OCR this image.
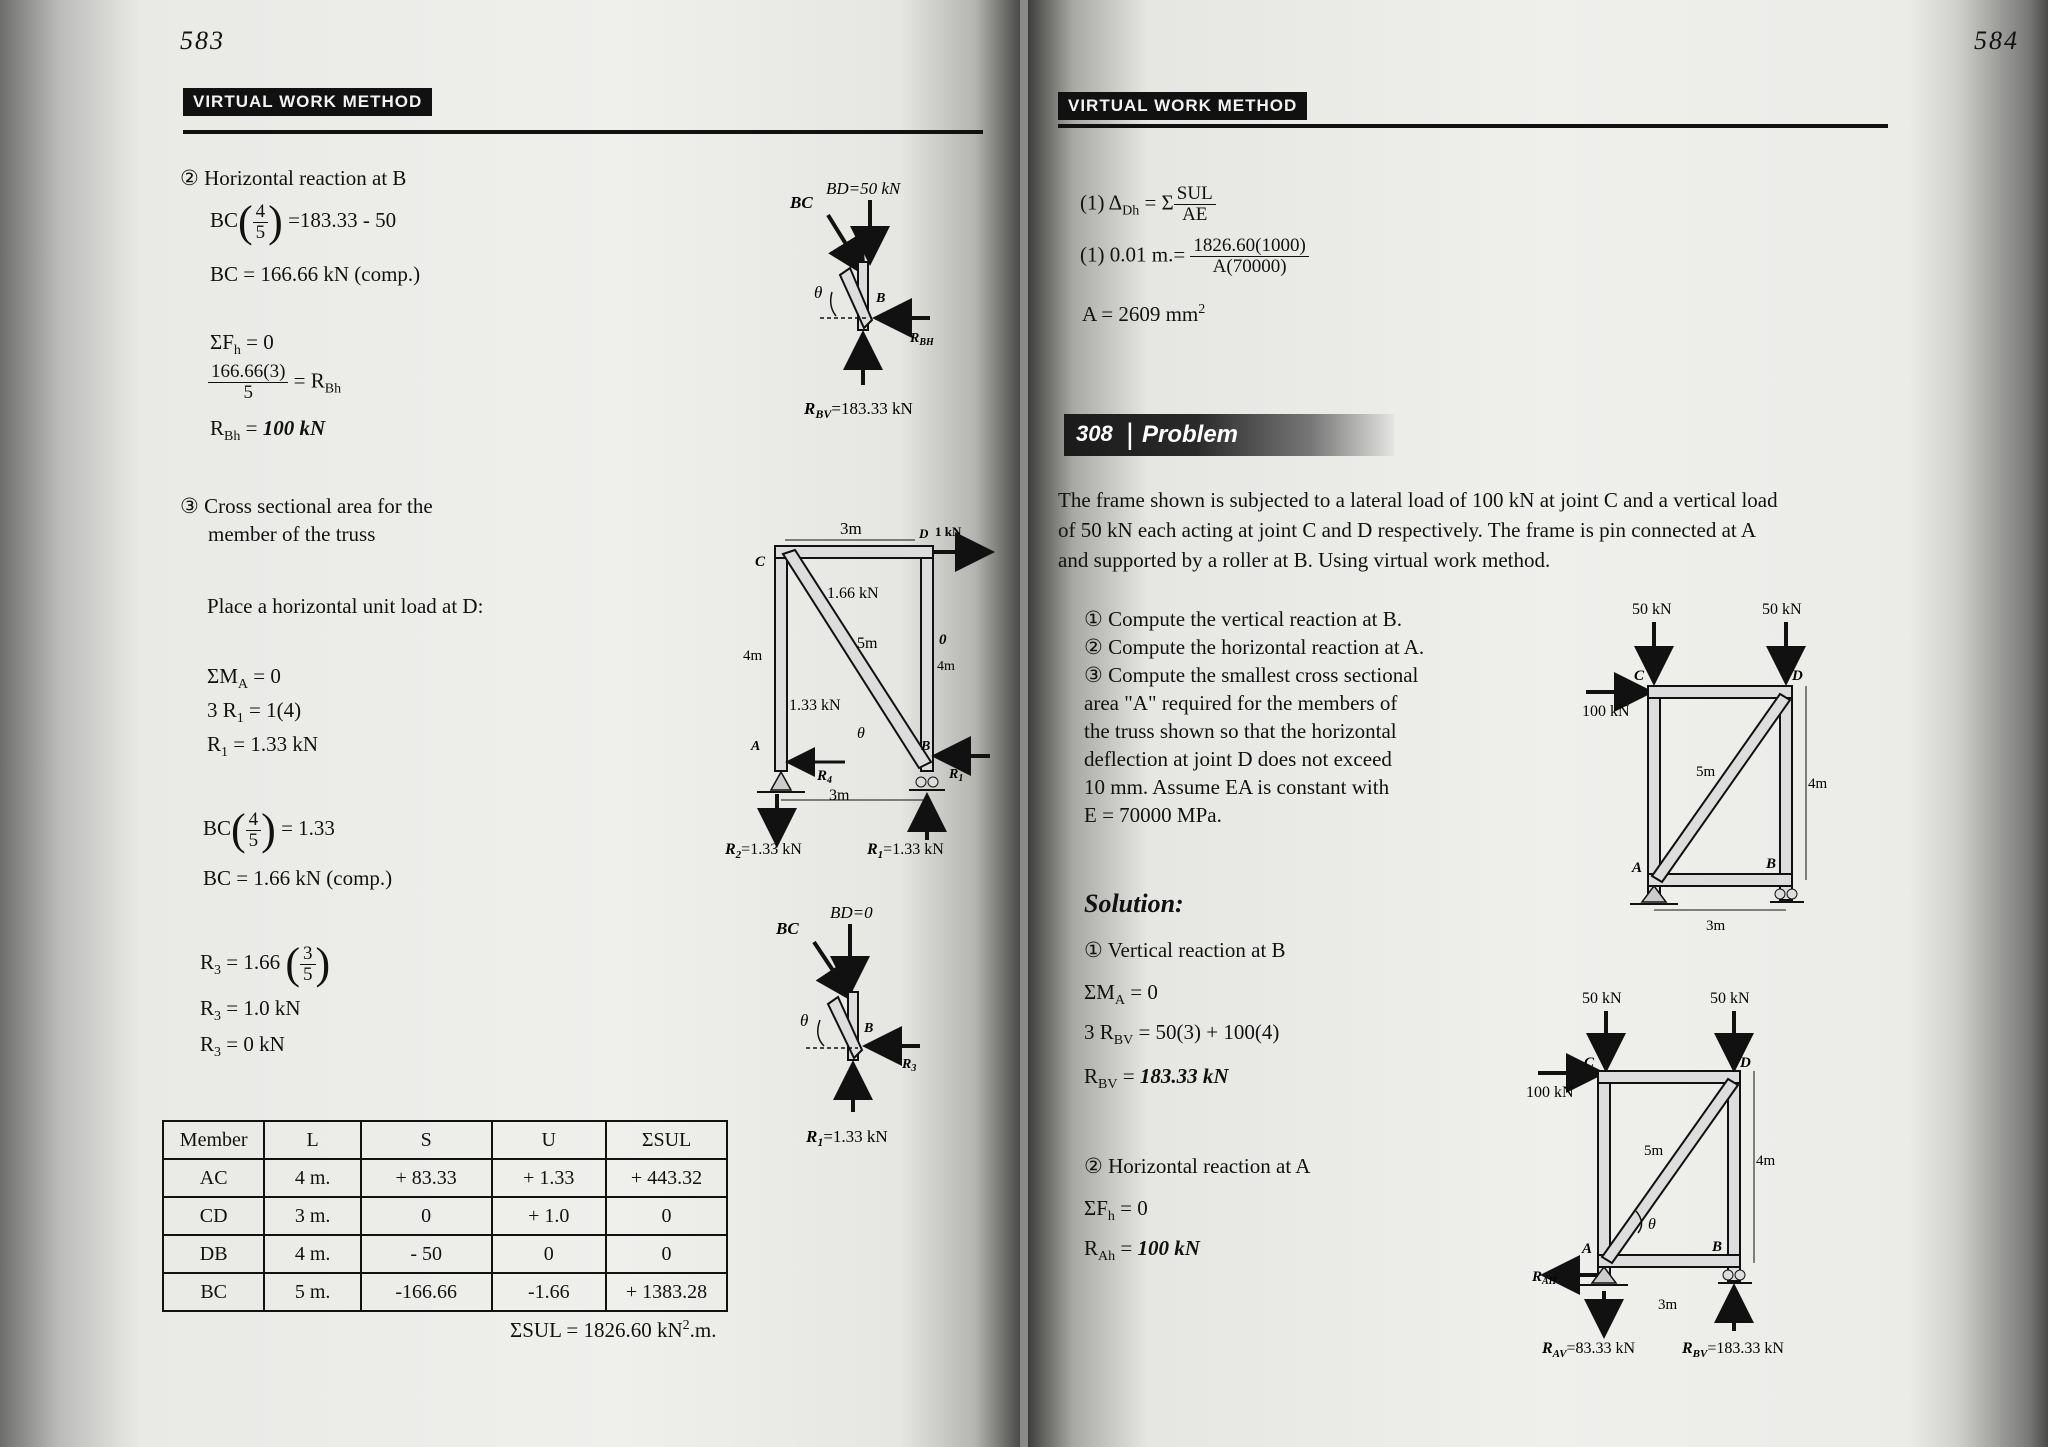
583
VIRTUAL WORK METHOD
② Horizontal reaction at B
$BC( \frac{4}{5}$ ) =183.33 - 50
BC = 166.66 kN (comp.)
$\Sigma F_h = 0$
$\frac{166.66(3)}{5} = R_{Bh}$
$R_{Bh} = 100$ kN
③ Cross sectional area for the
member of the truss
Place a horizontal unit load at D:
$\Sigma M_A = 0$
3 $R_1 = 1(4)$
$R_1 = 1.33$ kN
$BC( \frac{4}{5}$ ) = 1.33
BC = 1.66 kN (comp.)
$R_3 = 1.66$ ( $\frac{3}{5}$ )
$R_3 = 1.0$ kN
$R_3 = 0$ kN
Member	L	S	U	ΣSUL
AC	4 m.	+ 83.33	+ 1.33	+ 443.32
CD	3 m.	0	+ 1.0	0
DB	4 m.	- 50	0	0
BC	5 m.	-166.66	-1.66	+ 1383.28
ΣSUL = 1826.60 $kN^2.m$.
BD=50 kN
BC
θ	B
$R_{BH}$
$R_{BV}=183.33$ kN
3m	D 1 kN
C
1.66 kN
5m	0
4m
4m
1.33 kN
θ
A	B
$R_4$	$R_1$
3m
$R_2=1.33$ kN	$R_1=1.33$ kN
BD=0
BC
θ	B
$R_3$
$R_1=1.33$ kN
584
VIRTUAL WORK METHOD
(1) $\Delta_{Dh} = \Sigma \frac{\text{SUL}}{AE}$
(1) 0.01 $m.= \frac{1826.60(1000)}{A(70000)}$
A = 2609 $mm^2$
308 | Problem
The frame shown is subjected to a lateral load of 100 kN at joint C and a vertical load
of 50 kN each acting at joint C and D respectively. The frame is pin connected at A
and supported by a roller at B. Using virtual work method.
① Compute the vertical reaction at B.
② Compute the horizontal reaction at A.
③ Compute the smallest cross sectional
area "A" required for the members of
the truss shown so that the horizontal
deflection at joint D does not exceed
10 mm. Assume EA is constant with
E = 70000 MPa.
Solution:
① Vertical reaction at B
$\Sigma M_A = 0$
3 $R_{BV} = 50(3) + 100(4)$
$R_{BV} = 183.33$ kN
② Horizontal reaction at A
$\Sigma F_h = 0$
$R_{Ah} = 100$ kN
50 kN	50 kN
C	D
100 kN
5m
4m
A	B
3m
50 kN	50 kN
C	D
100 kN
5m
4m
θ
A	B
$R_{AH}$
3m
$R_{AV}=83.33$ kN	$R_{BV}=183.33$ kN
